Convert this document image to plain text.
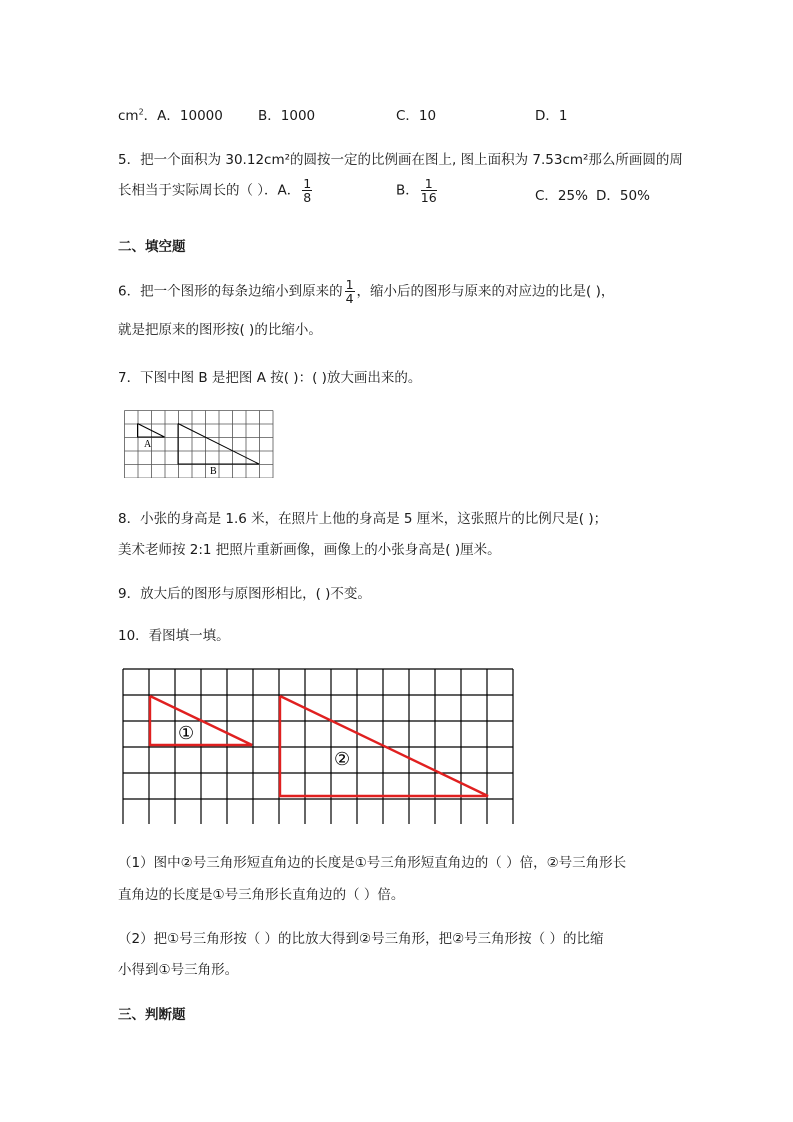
$cm^2$．A．10000	B．1000	C．10	D．1
5．把一个面积为 30.12cm²的圆按一定的比例画在图上, 图上面积为 7.53cm²那么所画圆的周
长相当于实际周长的（ ）．A． $\frac{1}{8}$	B． $\frac{1}{16}$	C．25% D．50%
二、填空题
6．把一个图形的每条边缩小到原来的 $\frac{1}{4}$ ，缩小后的图形与原来的对应边的比是( )，
就是把原来的图形按( )的比缩小。
7．下图中图 B 是把图 A 按( )：( )放大画出来的。
A
B
8．小张的身高是 1.6 米，在照片上他的身高是 5 厘米，这张照片的比例尺是( )；
美术老师按 2:1 把照片重新画像，画像上的小张身高是( )厘米。
9．放大后的图形与原图形相比，( )不变。
10．看图填一填。
①
②
（1）图中②号三角形短直角边的长度是①号三角形短直角边的（ ）倍，②号三角形长
直角边的长度是①号三角形长直角边的（ ）倍。
（2）把①号三角形按（ ）的比放大得到②号三角形，把②号三角形按（ ）的比缩
小得到①号三角形。
三、判断题
